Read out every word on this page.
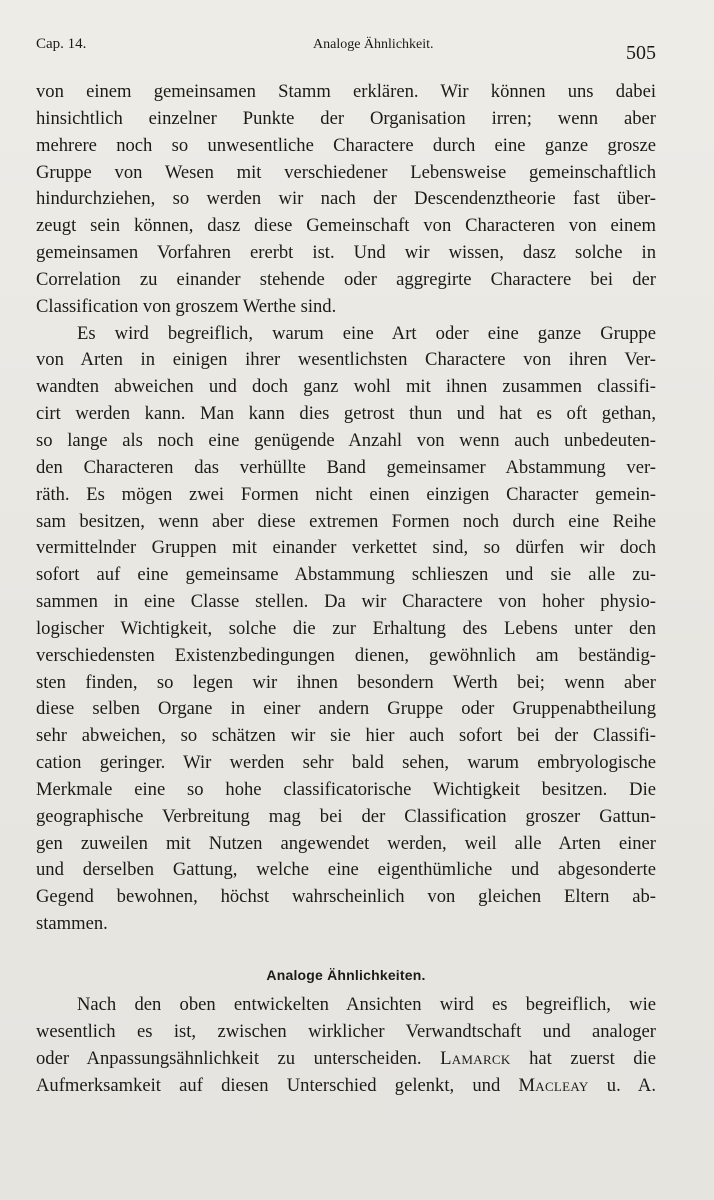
Cap. 14.	Analoge Ähnlichkeit.	505
von einem gemeinsamen Stamm erklären. Wir können uns dabei
hinsichtlich einzelner Punkte der Organisation irren; wenn aber
mehrere noch so unwesentliche Charactere durch eine ganze grosze
Gruppe von Wesen mit verschiedener Lebensweise gemeinschaftlich
hindurchziehen, so werden wir nach der Descendenztheorie fast über-
zeugt sein können, dasz diese Gemeinschaft von Characteren von einem
gemeinsamen Vorfahren ererbt ist. Und wir wissen, dasz solche in
Correlation zu einander stehende oder aggregirte Charactere bei der
Classification von groszem Werthe sind.
Es wird begreiflich, warum eine Art oder eine ganze Gruppe
von Arten in einigen ihrer wesentlichsten Charactere von ihren Ver-
wandten abweichen und doch ganz wohl mit ihnen zusammen classifi-
cirt werden kann. Man kann dies getrost thun und hat es oft gethan,
so lange als noch eine genügende Anzahl von wenn auch unbedeuten-
den Characteren das verhüllte Band gemeinsamer Abstammung ver-
räth. Es mögen zwei Formen nicht einen einzigen Character gemein-
sam besitzen, wenn aber diese extremen Formen noch durch eine Reihe
vermittelnder Gruppen mit einander verkettet sind, so dürfen wir doch
sofort auf eine gemeinsame Abstammung schlieszen und sie alle zu-
sammen in eine Classe stellen. Da wir Charactere von hoher physio-
logischer Wichtigkeit, solche die zur Erhaltung des Lebens unter den
verschiedensten Existenzbedingungen dienen, gewöhnlich am beständig-
sten finden, so legen wir ihnen besondern Werth bei; wenn aber
diese selben Organe in einer andern Gruppe oder Gruppenabtheilung
sehr abweichen, so schätzen wir sie hier auch sofort bei der Classifi-
cation geringer. Wir werden sehr bald sehen, warum embryologische
Merkmale eine so hohe classificatorische Wichtigkeit besitzen. Die
geographische Verbreitung mag bei der Classification groszer Gattun-
gen zuweilen mit Nutzen angewendet werden, weil alle Arten einer
und derselben Gattung, welche eine eigenthümliche und abgesonderte
Gegend bewohnen, höchst wahrscheinlich von gleichen Eltern ab-
stammen.
Analoge Ähnlichkeiten.
Nach den oben entwickelten Ansichten wird es begreiflich, wie
wesentlich es ist, zwischen wirklicher Verwandtschaft und analoger
oder Anpassungsähnlichkeit zu unterscheiden. Lamarck hat zuerst die
Aufmerksamkeit auf diesen Unterschied gelenkt, und Macleay u. A.
